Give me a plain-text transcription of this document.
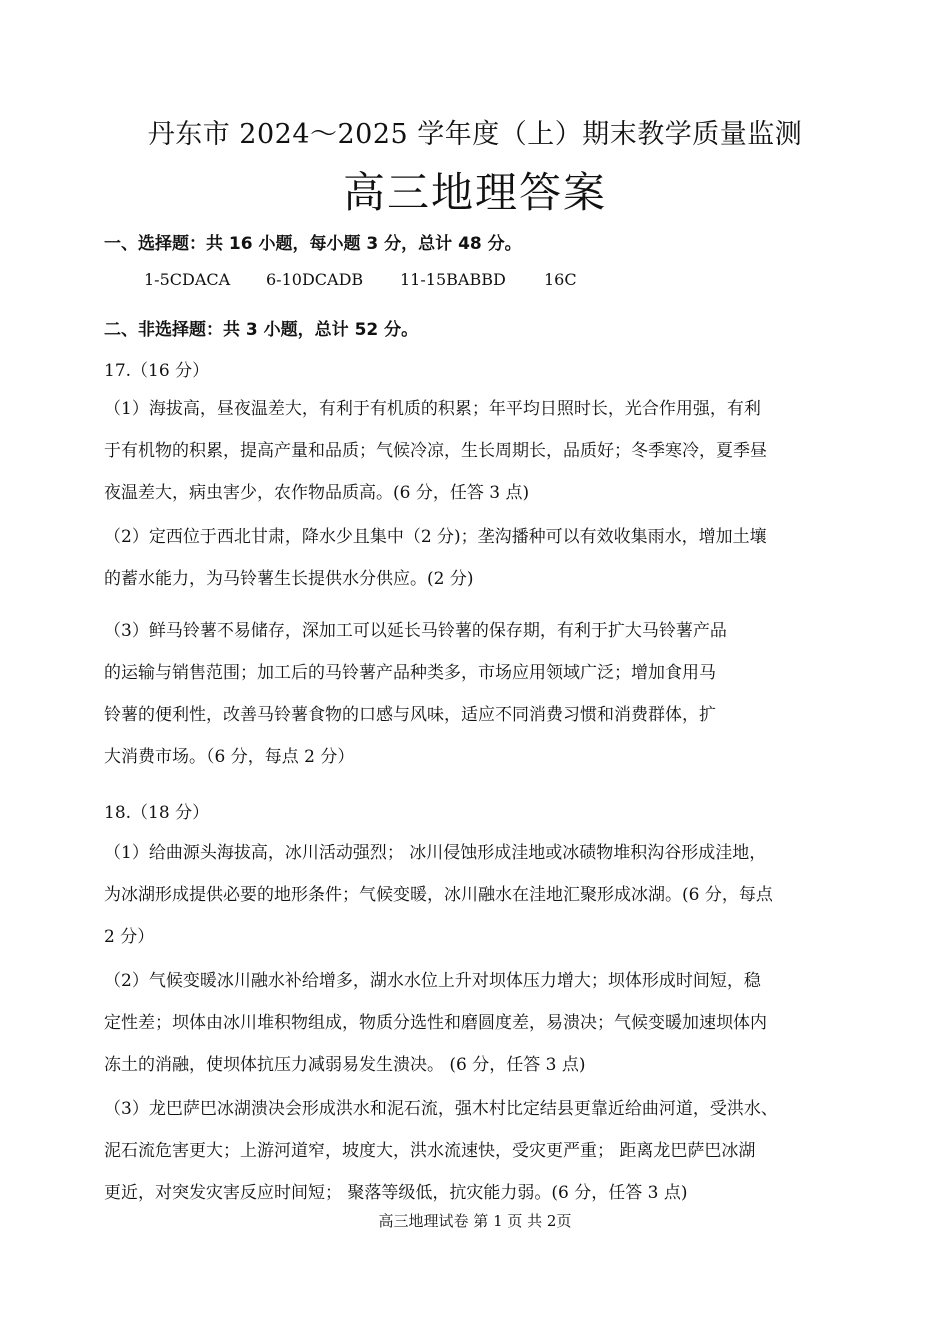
丹东市 2024～2025 学年度（上）期末教学质量监测
高三地理答案
一、选择题：共 16 小题，每小题 3 分，总计 48 分。
1-5CDACA 6-10DCADB 11-15BABBD 16C
二、非选择题：共 3 小题，总计 52 分。
17.（16 分）
（1）海拔高，昼夜温差大，有利于有机质的积累；年平均日照时长，光合作用强，有利
于有机物的积累，提高产量和品质；气候冷凉，生长周期长，品质好；冬季寒冷，夏季昼
夜温差大，病虫害少，农作物品质高。(6 分，任答 3 点)
（2）定西位于西北甘肃，降水少且集中（2 分)；垄沟播种可以有效收集雨水，增加土壤
的蓄水能力，为马铃薯生长提供水分供应。(2 分)
（3）鲜马铃薯不易储存，深加工可以延长马铃薯的保存期，有利于扩大马铃薯产品
的运输与销售范围；加工后的马铃薯产品种类多，市场应用领域广泛；增加食用马
铃薯的便利性，改善马铃薯食物的口感与风味，适应不同消费习惯和消费群体，扩
大消费市场。（6 分，每点 2 分）
18.（18 分）
（1）给曲源头海拔高，冰川活动强烈； 冰川侵蚀形成洼地或冰碛物堆积沟谷形成洼地，
为冰湖形成提供必要的地形条件；气候变暖，冰川融水在洼地汇聚形成冰湖。(6 分，每点
2 分）
（2）气候变暖冰川融水补给增多，湖水水位上升对坝体压力增大；坝体形成时间短，稳
定性差；坝体由冰川堆积物组成，物质分选性和磨圆度差，易溃决；气候变暖加速坝体内
冻土的消融，使坝体抗压力减弱易发生溃决。 (6 分，任答 3 点)
（3）龙巴萨巴冰湖溃决会形成洪水和泥石流，强木村比定结县更靠近给曲河道，受洪水、
泥石流危害更大；上游河道窄，坡度大，洪水流速快，受灾更严重； 距离龙巴萨巴冰湖
更近，对突发灾害反应时间短； 聚落等级低，抗灾能力弱。(6 分，任答 3 点)
高三地理试卷 第 1 页 共 2页
